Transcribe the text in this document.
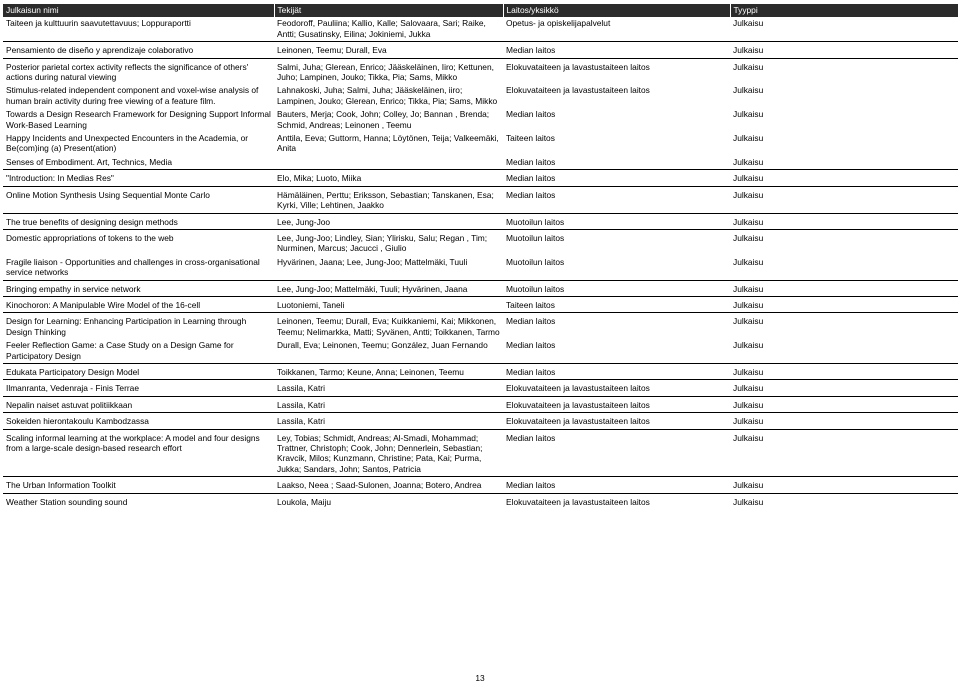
Julkaisun nimi	Tekijät	Laitos/yksikkö	Tyyppi
Taiteen ja kulttuurin saavutettavuus; Loppuraportti	Feodoroff, Pauliina; Kallio, Kalle; Salovaara, Sari; Raike, Antti; Gusatinsky, Eilina; Jokiniemi, Jukka	Opetus- ja opiskelijapalvelut	Julkaisu
Pensamiento de diseño y aprendizaje colaborativo	Leinonen, Teemu; Durall, Eva	Median laitos	Julkaisu
Posterior parietal cortex activity reflects the significance of others' actions during natural viewing	Salmi, Juha; Glerean, Enrico; Jääskeläinen, Iiro; Kettunen, Juho; Lampinen, Jouko; Tikka, Pia; Sams, Mikko	Elokuvataiteen ja lavastustaiteen laitos	Julkaisu
Stimulus-related independent component and voxel-wise analysis of human brain activity during free viewing of a feature film.	Lahnakoski, Juha; Salmi, Juha; Jääskeläinen, iiro; Lampinen, Jouko; Glerean, Enrico; Tikka, Pia; Sams, Mikko	Elokuvataiteen ja lavastustaiteen laitos	Julkaisu
Towards a Design Research Framework for Designing Support Informal Work-Based Learning	Bauters, Merja; Cook, John; Colley, Jo; Bannan , Brenda; Schmid, Andreas; Leinonen , Teemu	Median laitos	Julkaisu
Happy Incidents and Unexpected Encounters in the Academia, or Be(com)ing (a) Present(ation)	Anttila, Eeva; Guttorm, Hanna; Löytönen, Teija; Valkeemäki, Anita	Taiteen laitos	Julkaisu
Senses of Embodiment. Art, Technics, Media		Median laitos	Julkaisu
"Introduction: In Medias Res"	Elo, Mika; Luoto, Miika	Median laitos	Julkaisu
Online Motion Synthesis Using Sequential Monte Carlo	Hämäläinen, Perttu; Eriksson, Sebastian; Tanskanen, Esa; Kyrki, Ville; Lehtinen, Jaakko	Median laitos	Julkaisu
The true benefits of designing design methods	Lee, Jung-Joo	Muotoilun laitos	Julkaisu
Domestic appropriations of tokens to the web	Lee, Jung-Joo; Lindley, Sian; Ylirisku, Salu; Regan , Tim; Nurminen, Marcus; Jacucci , Giulio	Muotoilun laitos	Julkaisu
Fragile liaison - Opportunities and challenges in cross-organisational service networks	Hyvärinen, Jaana; Lee, Jung-Joo; Mattelmäki, Tuuli	Muotoilun laitos	Julkaisu
Bringing empathy in service network	Lee, Jung-Joo; Mattelmäki, Tuuli; Hyvärinen, Jaana	Muotoilun laitos	Julkaisu
Kinochoron: A Manipulable Wire Model of the 16-cell	Luotoniemi, Taneli	Taiteen laitos	Julkaisu
Design for Learning: Enhancing Participation in Learning through Design Thinking	Leinonen, Teemu; Durall, Eva; Kuikkaniemi, Kai; Mikkonen, Teemu; Nelimarkka, Matti; Syvänen, Antti; Toikkanen, Tarmo	Median laitos	Julkaisu
Feeler Reflection Game: a Case Study on a Design Game for Participatory Design	Durall, Eva; Leinonen, Teemu; González, Juan Fernando	Median laitos	Julkaisu
Edukata Participatory Design Model	Toikkanen, Tarmo; Keune, Anna; Leinonen, Teemu	Median laitos	Julkaisu
Ilmanranta, Vedenraja - Finis Terrae	Lassila, Katri	Elokuvataiteen ja lavastustaiteen laitos	Julkaisu
Nepalin naiset astuvat politiikkaan	Lassila, Katri	Elokuvataiteen ja lavastustaiteen laitos	Julkaisu
Sokeiden hierontakoulu Kambodzassa	Lassila, Katri	Elokuvataiteen ja lavastustaiteen laitos	Julkaisu
Scaling informal learning at the workplace: A model and four designs from a large-scale design-based research effort	Ley, Tobias; Schmidt, Andreas; Al-Smadi, Mohammad; Trattner, Christoph; Cook, John; Dennerlein, Sebastian; Kravcik, Milos; Kunzmann, Christine; Pata, Kai; Purma, Jukka; Sandars, John; Santos, Patricia	Median laitos	Julkaisu
The Urban Information Toolkit	Laakso, Neea ; Saad-Sulonen, Joanna; Botero, Andrea	Median laitos	Julkaisu
Weather Station sounding sound	Loukola, Maiju	Elokuvataiteen ja lavastustaiteen laitos	Julkaisu
13
